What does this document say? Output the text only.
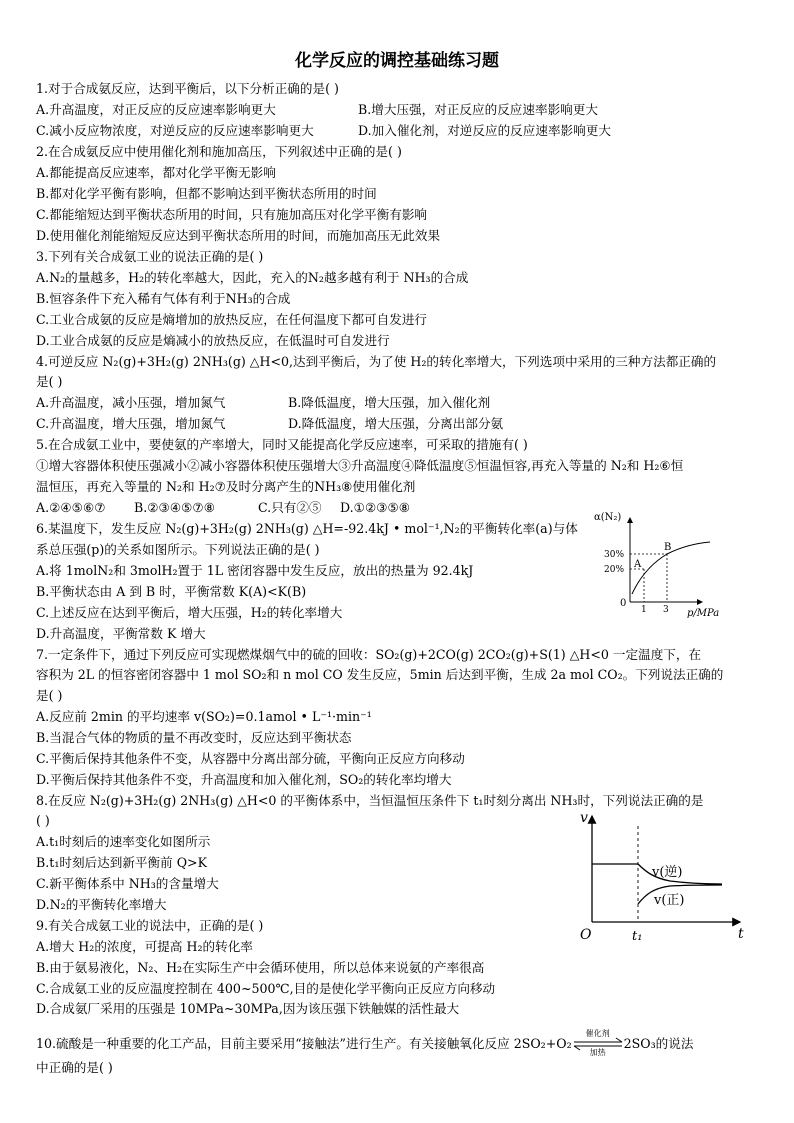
化学反应的调控基础练习题
1.对于合成氨反应，达到平衡后，以下分析正确的是( )
A.升高温度，对正反应的反应速率影响更大	B.增大压强，对正反应的反应速率影响更大
C.减小反应物浓度，对逆反应的反应速率影响更大	D.加入催化剂，对逆反应的反应速率影响更大
2.在合成氨反应中使用催化剂和施加高压，下列叙述中正确的是( )
A.都能提高反应速率，都对化学平衡无影响
B.都对化学平衡有影响，但都不影响达到平衡状态所用的时间
C.都能缩短达到平衡状态所用的时间，只有施加高压对化学平衡有影响
D.使用催化剂能缩短反应达到平衡状态所用的时间，而施加高压无此效果
3.下列有关合成氨工业的说法正确的是( )
A.N₂的量越多，H₂的转化率越大，因此，充入的N₂越多越有利于 NH₃的合成
B.恒容条件下充入稀有气体有利于NH₃的合成
C.工业合成氨的反应是熵增加的放热反应，在任何温度下都可自发进行
D.工业合成氨的反应是熵减小的放热反应，在低温时可自发进行
4.可逆反应 N₂(g)+3H₂(g) 2NH₃(g) △H<0,达到平衡后，为了使 H₂的转化率增大，下列选项中采用的三种方法都正确的
是( )
A.升高温度，减小压强，增加氮气	B.降低温度，增大压强，加入催化剂
C.升高温度，增大压强，增加氮气	D.降低温度，增大压强，分离出部分氨
5.在合成氨工业中，要使氨的产率增大，同时又能提高化学反应速率，可采取的措施有( )
①增大容器体积使压强减小②减小容器体积使压强增大③升高温度④降低温度⑤恒温恒容,再充入等量的 N₂和 H₂⑥恒
温恒压，再充入等量的 N₂和 H₂⑦及时分离产生的NH₃⑧使用催化剂
A.②④⑤⑥⑦ B.②③④⑤⑦⑧	C.只有②⑤ D.①②③⑤⑧
6.某温度下，发生反应 N₂(g)+3H₂(g) 2NH₃(g) △H=-92.4kJ • mol⁻¹,N₂的平衡转化率(a)与体
系总压强(p)的关系如图所示。下列说法正确的是( )
A.将 1molN₂和 3molH₂置于 1L 密闭容器中发生反应，放出的热量为 92.4kJ
B.平衡状态由 A 到 B 时，平衡常数 K(A)<K(B)
C.上述反应在达到平衡后，增大压强，H₂的转化率增大
D.升高温度，平衡常数 K 增大
α(N₂)
p/MPa
0
30%
20%
1 3
A
B
7.一定条件下，通过下列反应可实现燃煤烟气中的硫的回收：SO₂(g)+2CO(g) 2CO₂(g)+S(1) △H<0 一定温度下，在
容积为 2L 的恒容密闭容器中 1 mol SO₂和 n mol CO 发生反应，5min 后达到平衡，生成 2a mol CO₂。下列说法正确的
是( )
A.反应前 2min 的平均速率 v(SO₂)=0.1amol • L⁻¹·min⁻¹
B.当混合气体的物质的量不再改变时，反应达到平衡状态
C.平衡后保持其他条件不变，从容器中分离出部分硫，平衡向正反应方向移动
D.平衡后保持其他条件不变，升高温度和加入催化剂，SO₂的转化率均增大
8.在反应 N₂(g)+3H₂(g) 2NH₃(g) △H<0 的平衡体系中，当恒温恒压条件下 t₁时刻分离出 NH₃时，下列说法正确的是
( )
A.t₁时刻后的速率变化如图所示
B.t₁时刻后达到新平衡前 Q>K
C.新平衡体系中 NH₃的含量增大
D.N₂的平衡转化率增大
v
t
O	t₁
v(逆)
v(正)
9.有关合成氨工业的说法中，正确的是( )
A.增大 H₂的浓度，可提高 H₂的转化率
B.由于氨易液化，N₂、H₂在实际生产中会循环使用，所以总体来说氨的产率很高
C.合成氨工业的反应温度控制在 400~500℃,目的是使化学平衡向正反应方向移动
D.合成氨厂采用的压强是 10MPa~30MPa,因为该压强下铁触媒的活性最大
10.硫酸是一种重要的化工产品，目前主要采用“接触法”进行生产。有关接触氧化反应 2SO₂+O₂
催化剂
加热
2SO₃的说法
中正确的是( )
